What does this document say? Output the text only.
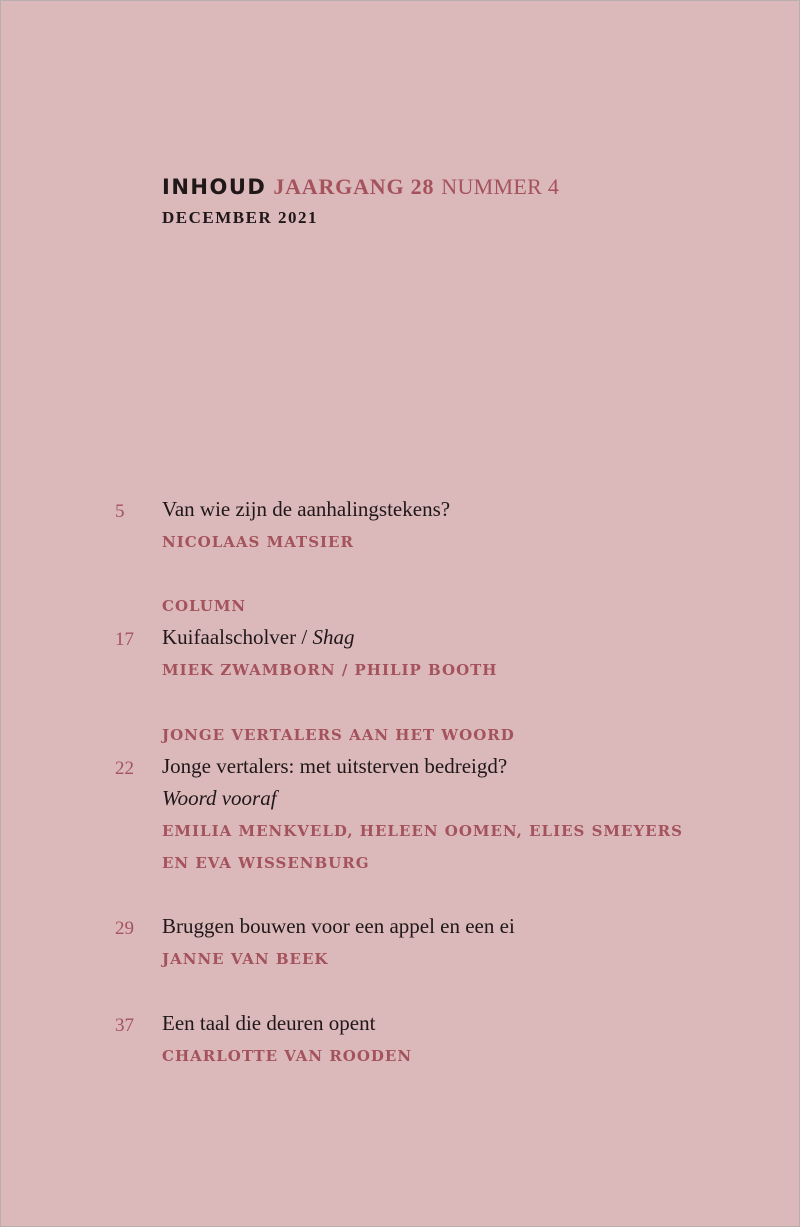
INHOUD JAARGANG 28 NUMMER 4
DECEMBER 2021
5 Van wie zijn de aanhalingstekens?
NICOLAAS MATSIER
COLUMN
17 Kuifaalscholver / Shag
MIEK ZWAMBORN / PHILIP BOOTH
JONGE VERTALERS AAN HET WOORD
22 Jonge vertalers: met uitsterven bedreigd?
Woord vooraf
EMILIA MENKVELD, HELEEN OOMEN, ELIES SMEYERS
EN EVA WISSENBURG
29 Bruggen bouwen voor een appel en een ei
JANNE VAN BEEK
37 Een taal die deuren opent
CHARLOTTE VAN ROODEN
